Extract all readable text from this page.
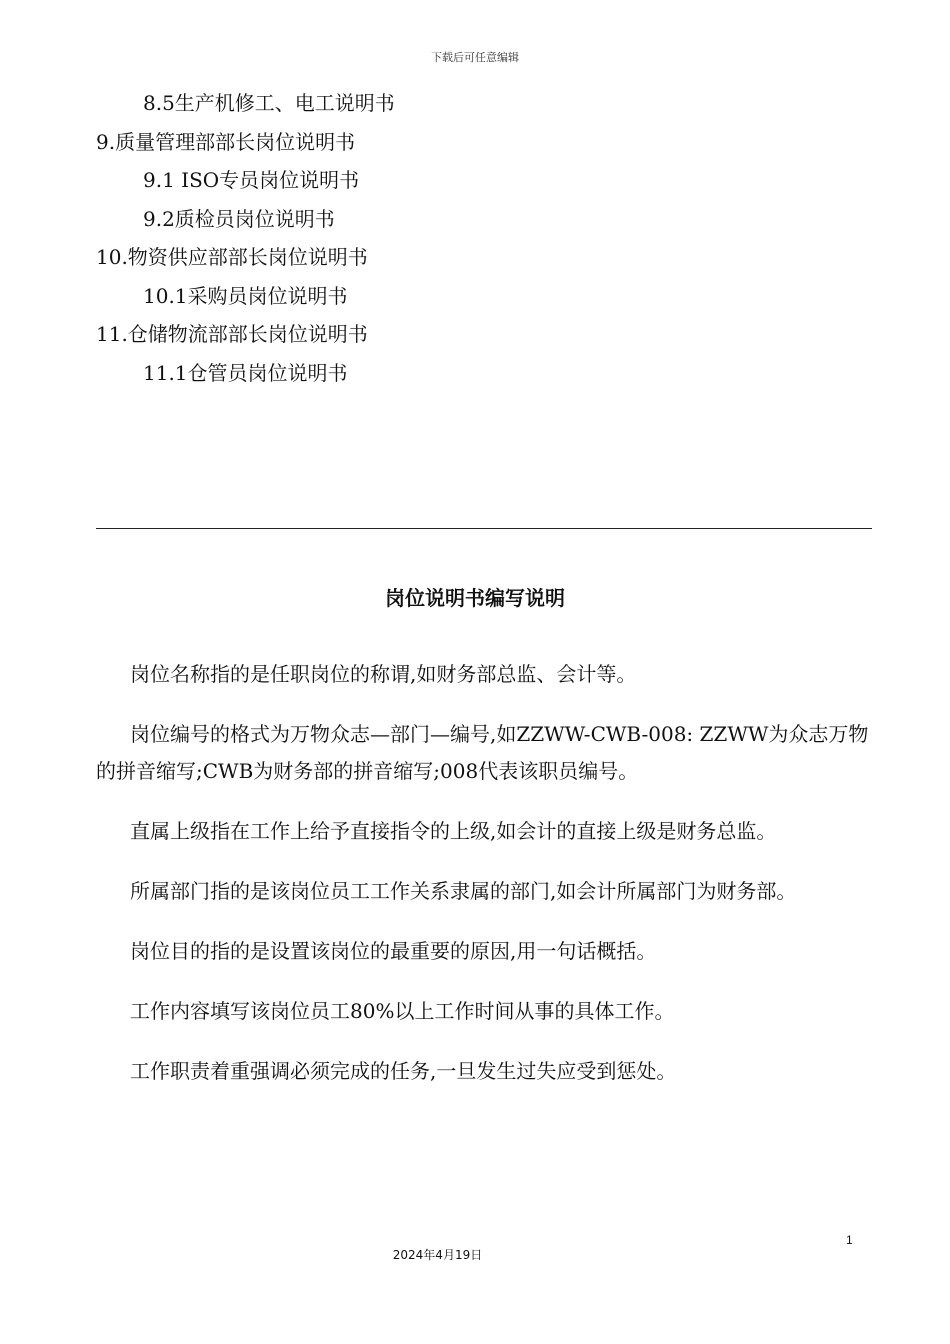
下载后可任意编辑
8.5生产机修工、电工说明书
9.质量管理部部长岗位说明书
9.1 ISO专员岗位说明书
9.2质检员岗位说明书
10.物资供应部部长岗位说明书
10.1采购员岗位说明书
11.仓储物流部部长岗位说明书
11.1仓管员岗位说明书
岗位说明书编写说明

岗位名称指的是任职岗位的称谓,如财务部总监、会计等。

岗位编号的格式为万物众志—部门—编号,如ZZWW-CWB-008: ZZWW为众志万物的拼音缩写;CWB为财务部的拼音缩写;008代表该职员编号。

直属上级指在工作上给予直接指令的上级,如会计的直接上级是财务总监。

所属部门指的是该岗位员工工作关系隶属的部门,如会计所属部门为财务部。

岗位目的指的是设置该岗位的最重要的原因,用一句话概括。

工作内容填写该岗位员工80%以上工作时间从事的具体工作。

工作职责着重强调必须完成的任务,一旦发生过失应受到惩处。

1
2024年4月19日
